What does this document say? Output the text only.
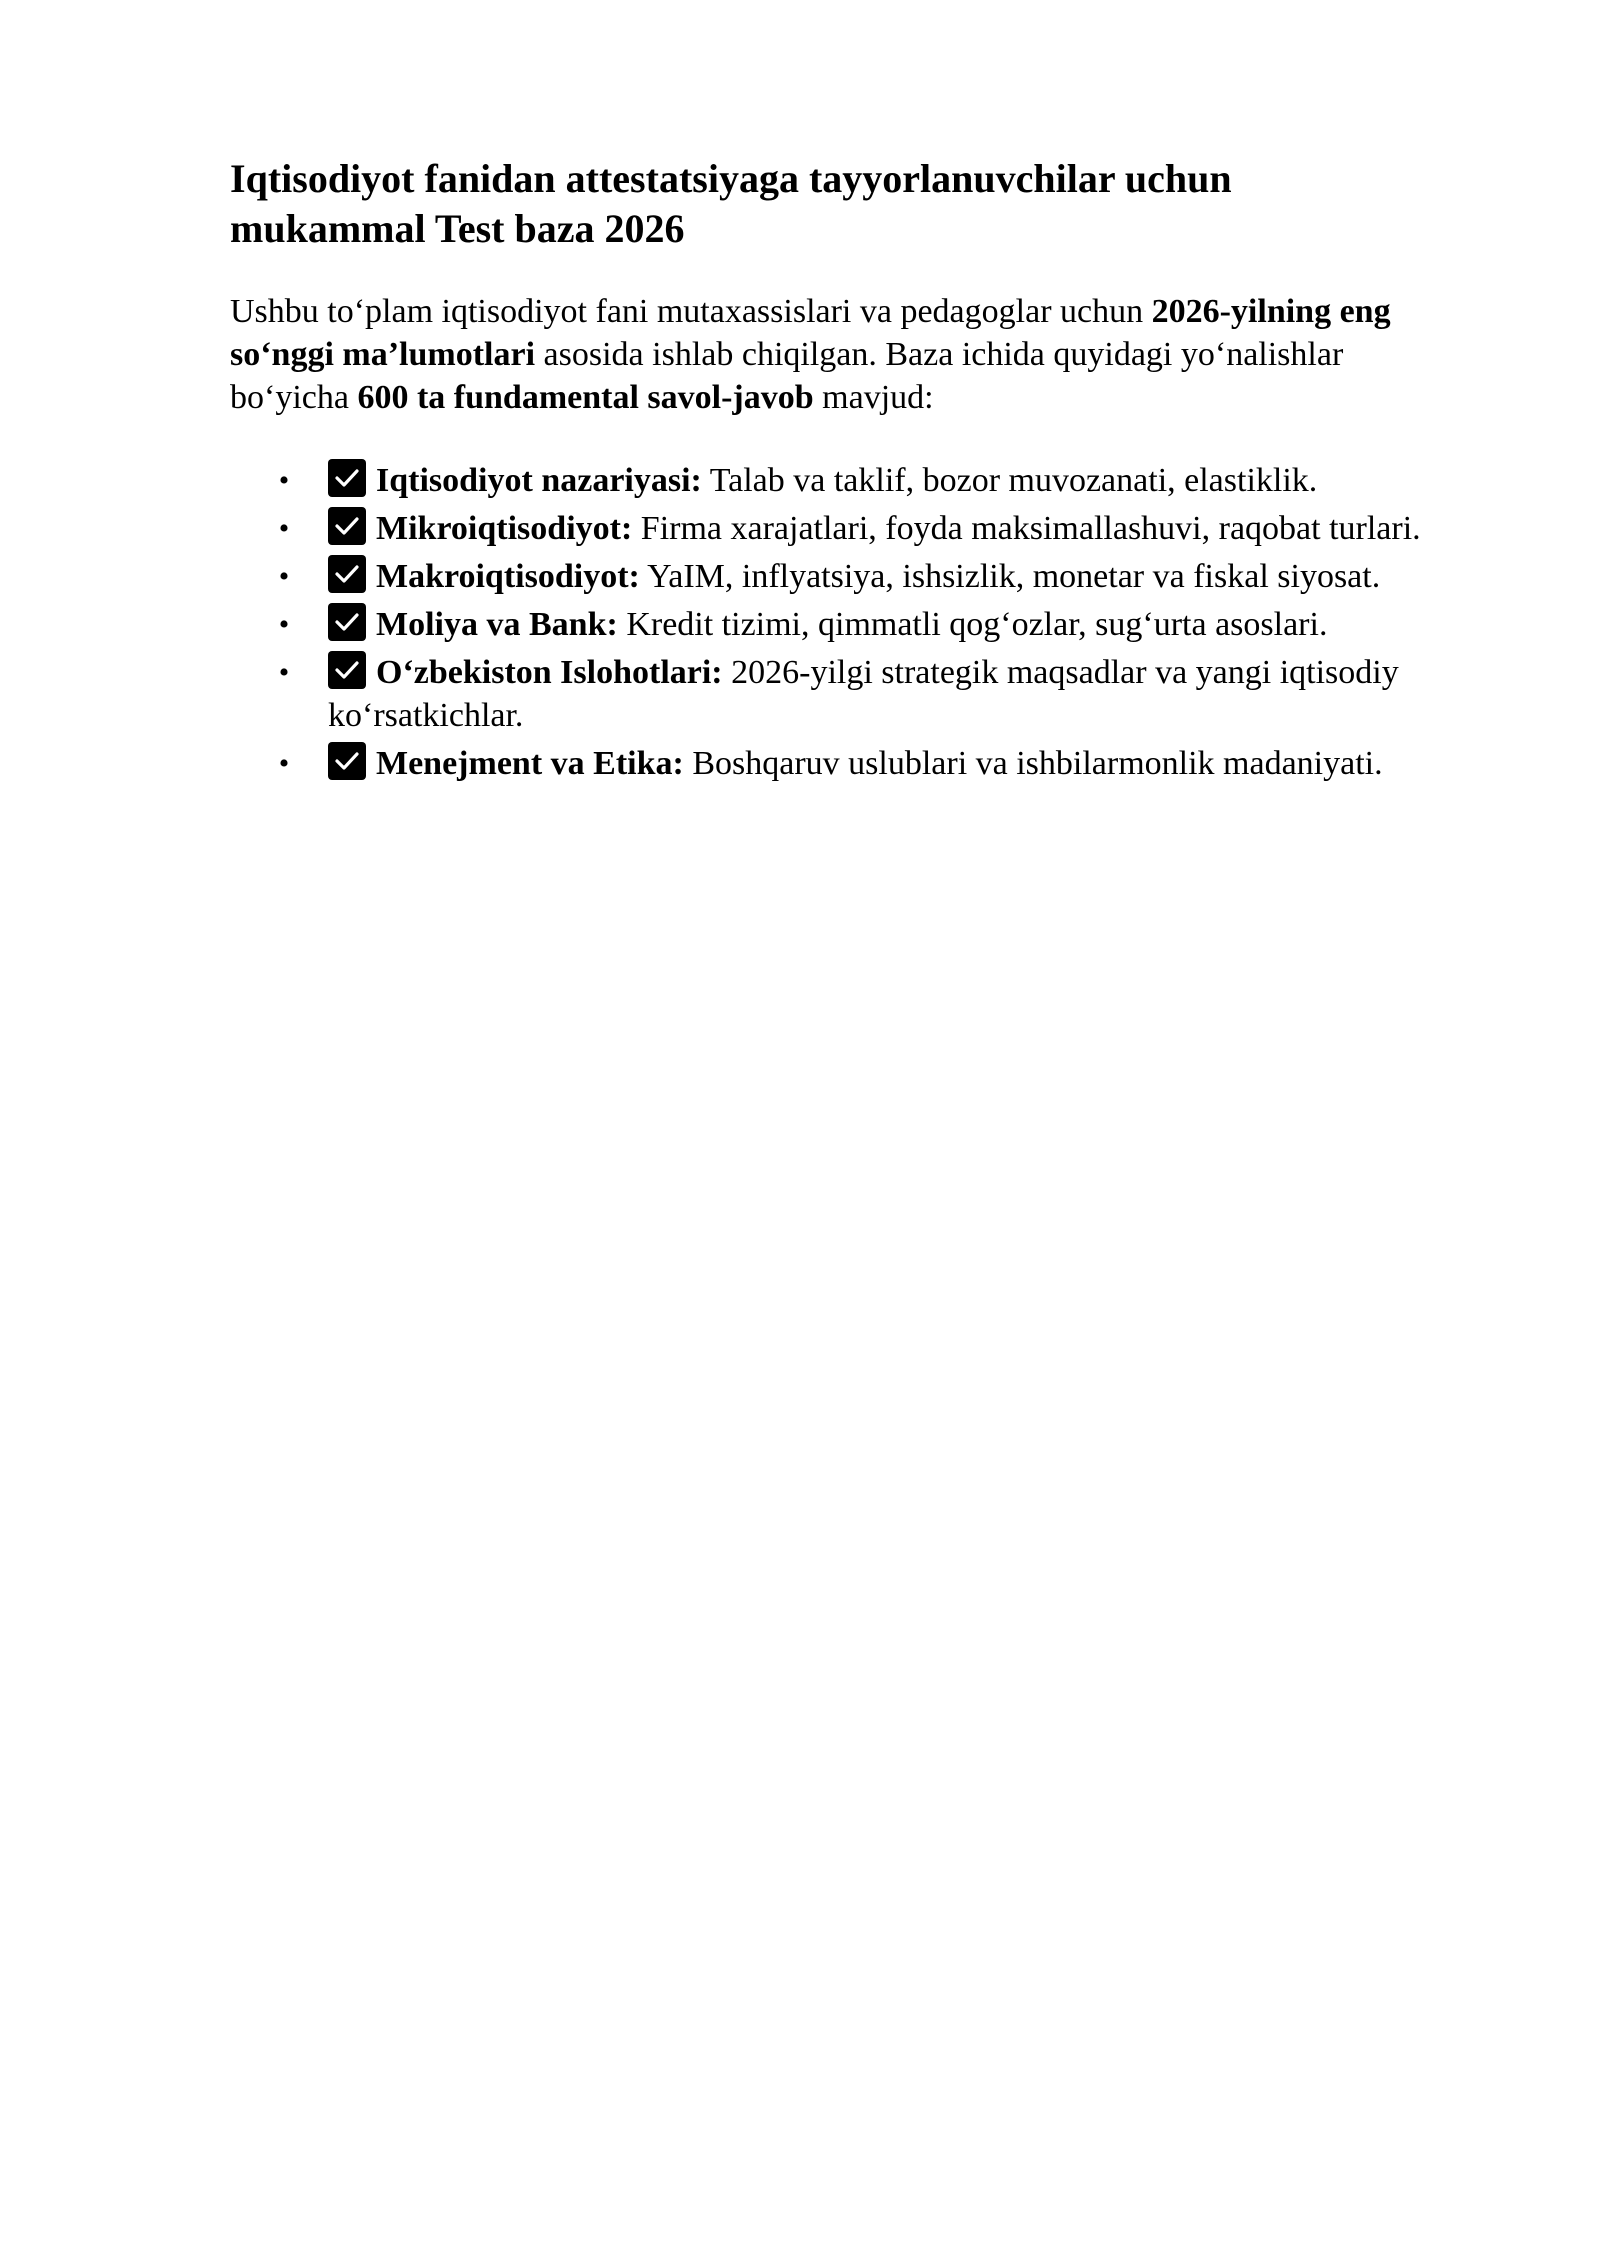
Iqtisodiyot fanidan attestatsiyaga tayyorlanuvchilar uchun mukammal Test baza 2026

Ushbu to‘plam iqtisodiyot fani mutaxassislari va pedagoglar uchun 2026-yilning eng so‘nggi ma’lumotlari asosida ishlab chiqilgan. Baza ichida quyidagi yo‘nalishlar bo‘yicha 600 ta fundamental savol-javob mavjud:

•	Iqtisodiyot nazariyasi: Talab va taklif, bozor muvozanati, elastiklik.
•	Mikroiqtisodiyot: Firma xarajatlari, foyda maksimallashuvi, raqobat turlari.
•	Makroiqtisodiyot: YaIM, inflyatsiya, ishsizlik, monetar va fiskal siyosat.
•	Moliya va Bank: Kredit tizimi, qimmatli qog‘ozlar, sug‘urta asoslari.
•	O‘zbekiston Islohotlari: 2026-yilgi strategik maqsadlar va yangi iqtisodiy ko‘rsatkichlar.
•	Menejment va Etika: Boshqaruv uslublari va ishbilarmonlik madaniyati.
